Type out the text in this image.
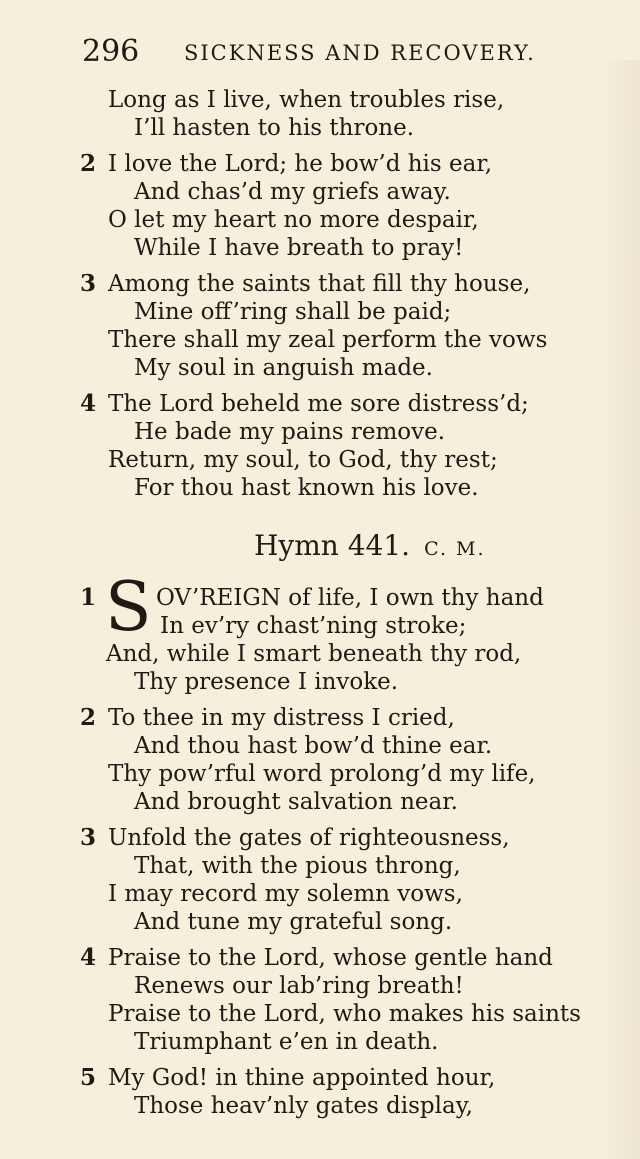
296 SICKNESS AND RECOVERY.
Long as I live, when troubles rise,
I’ll hasten to his throne.
2 I love the Lord; he bow’d his ear,
And chas’d my griefs away.
O let my heart no more despair,
While I have breath to pray!
3 Among the saints that fill thy house,
Mine off’ring shall be paid;
There shall my zeal perform the vows
My soul in anguish made.
4 The Lord beheld me sore distress’d;
He bade my pains remove.
Return, my soul, to God, thy rest;
For thou hast known his love.
Hymn 441. C. M.
1 S OV’REIGN of life, I own thy hand
In ev’ry chast’ning stroke;
And, while I smart beneath thy rod,
Thy presence I invoke.
2 To thee in my distress I cried,
And thou hast bow’d thine ear.
Thy pow’rful word prolong’d my life,
And brought salvation near.
3 Unfold the gates of righteousness,
That, with the pious throng,
I may record my solemn vows,
And tune my grateful song.
4 Praise to the Lord, whose gentle hand
Renews our lab’ring breath!
Praise to the Lord, who makes his saints
Triumphant e’en in death.
5 My God! in thine appointed hour,
Those heav’nly gates display,
